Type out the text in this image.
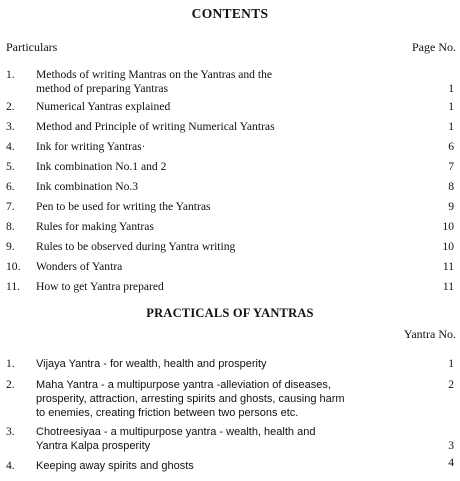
CONTENTS
Particulars	Page No.
1. Methods of writing Mantras on the Yantras and the
method of preparing Yantras	1
2. Numerical Yantras explained	1
3. Method and Principle of writing Numerical Yantras	1
4. Ink for writing Yantras·	6
5. Ink combination No.1 and 2	7
6. Ink combination No.3	8
7. Pen to be used for writing the Yantras	9
8. Rules for making Yantras	10
9. Rules to be observed during Yantra writing	10
10. Wonders of Yantra	11
11. How to get Yantra prepared	11
PRACTICALS OF YANTRAS
Yantra No.
1. Vijaya Yantra - for wealth, health and prosperity	1
2. Maha Yantra - a multipurpose yantra -alleviation of diseases,
prosperity, attraction, arresting spirits and ghosts, causing harm
to enemies, creating friction between two persons etc.
2
3. Chotreesiyaa - a multipurpose yantra - wealth, health and
Yantra Kalpa prosperity	3
4. Keeping away spirits and ghosts	4
